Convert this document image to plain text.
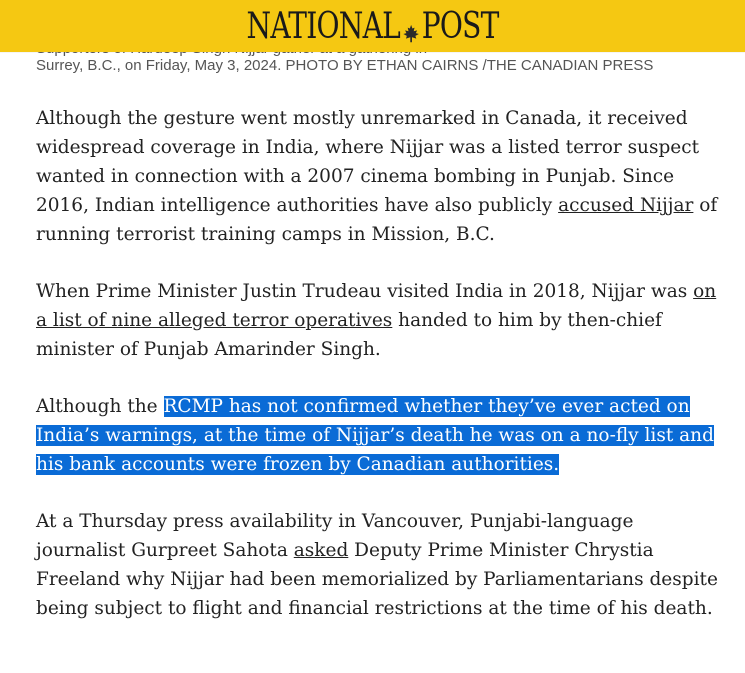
NATIONAL POST
Surrey, B.C., on Friday, May 3, 2024. PHOTO BY ETHAN CAIRNS /THE CANADIAN PRESS

Although the gesture went mostly unremarked in Canada, it received widespread coverage in India, where Nijjar was a listed terror suspect wanted in connection with a 2007 cinema bombing in Punjab. Since 2016, Indian intelligence authorities have also publicly accused Nijjar of running terrorist training camps in Mission, B.C.

When Prime Minister Justin Trudeau visited India in 2018, Nijjar was on a list of nine alleged terror operatives handed to him by then-chief minister of Punjab Amarinder Singh.

Although the RCMP has not confirmed whether they’ve ever acted on India’s warnings, at the time of Nijjar’s death he was on a no-fly list and his bank accounts were frozen by Canadian authorities.

At a Thursday press availability in Vancouver, Punjabi-language journalist Gurpreet Sahota asked Deputy Prime Minister Chrystia Freeland why Nijjar had been memorialized by Parliamentarians despite being subject to flight and financial restrictions at the time of his death.
